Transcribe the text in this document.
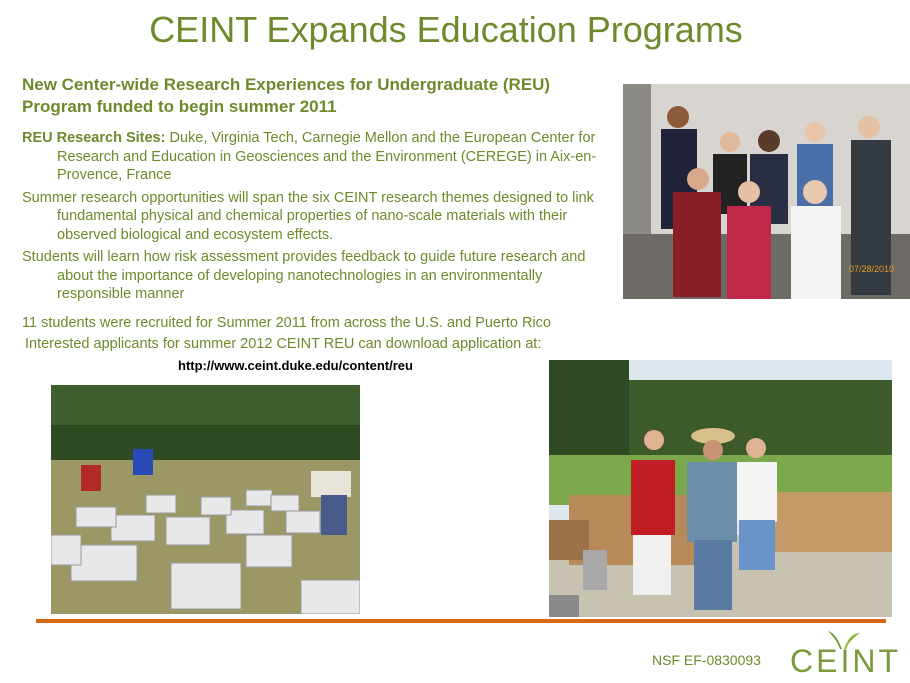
CEINT Expands Education Programs
New Center-wide Research Experiences for Undergraduate (REU) Program funded to begin summer 2011

REU Research Sites: Duke, Virginia Tech, Carnegie Mellon and the European Center for Research and Education in Geosciences and the Environment (CEREGE) in Aix-en-Provence, France

Summer research opportunities will span the six CEINT research themes designed to link fundamental physical and chemical properties of nano-scale materials with their observed biological and ecosystem effects.

Students will learn how risk assessment provides feedback to guide future research and about the importance of developing nanotechnologies in an environmentally responsible manner

11 students were recruited for Summer 2011 from across the U.S. and Puerto Rico
Interested applicants for summer 2012 CEINT REU can download application at:
http://www.ceint.duke.edu/content/reu
07/28/2010
NSF EF-0830093 CEINT
